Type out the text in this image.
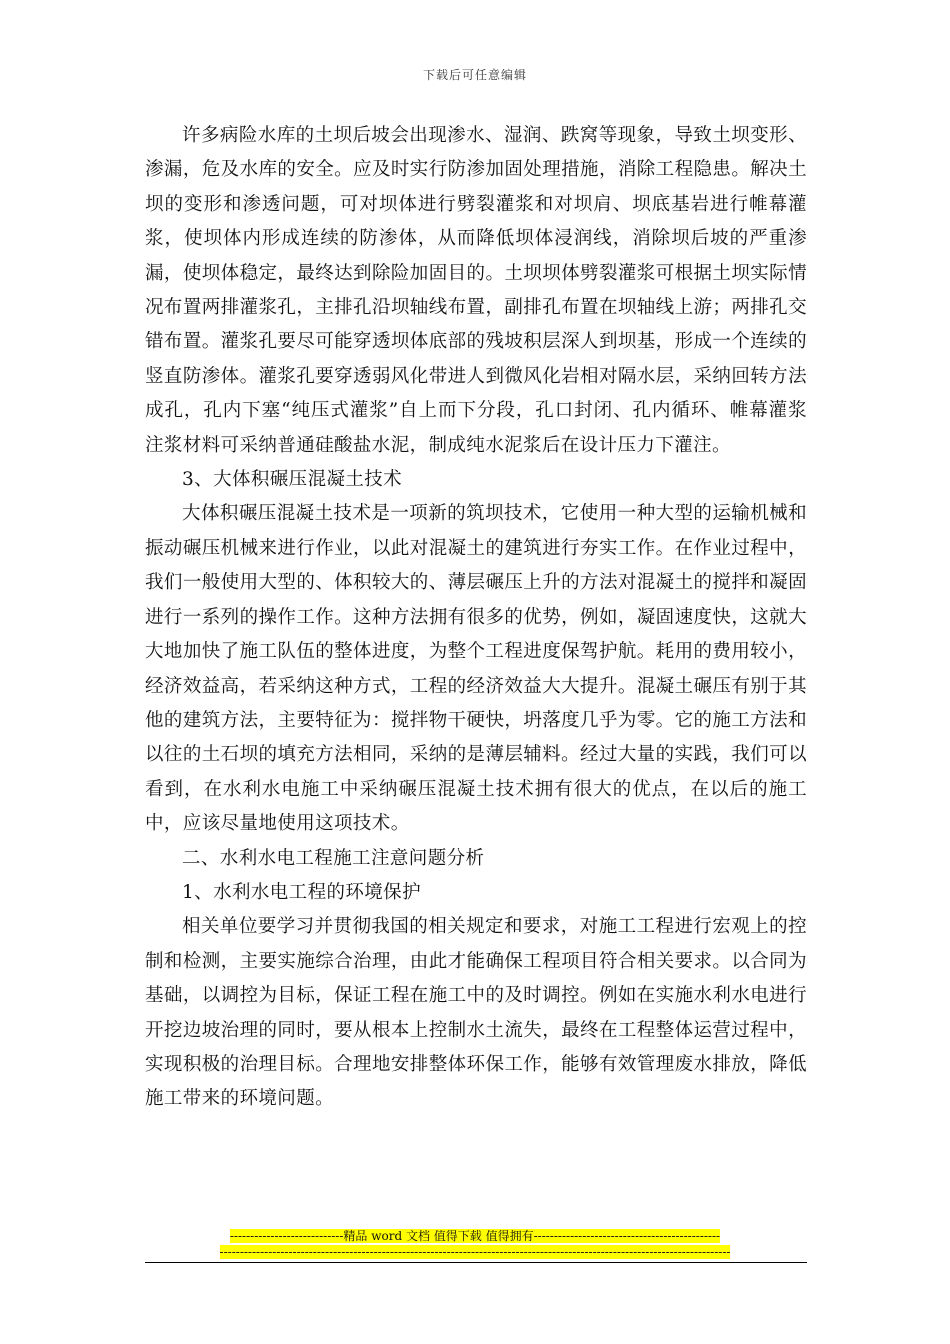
下载后可任意编辑

许多病险水库的土坝后坡会出现渗水、湿润、跌窝等现象，导致土坝变形、渗漏，危及水库的安全。应及时实行防渗加固处理措施，消除工程隐患。解决土坝的变形和渗透问题，可对坝体进行劈裂灌浆和对坝肩、坝底基岩进行帷幕灌浆，使坝体内形成连续的防渗体，从而降低坝体浸润线，消除坝后坡的严重渗漏，使坝体稳定，最终达到除险加固目的。土坝坝体劈裂灌浆可根据土坝实际情况布置两排灌浆孔，主排孔沿坝轴线布置，副排孔布置在坝轴线上游；两排孔交错布置。灌浆孔要尽可能穿透坝体底部的残坡积层深人到坝基，形成一个连续的竖直防渗体。灌浆孔要穿透弱风化带进人到微风化岩相对隔水层，采纳回转方法成孔，孔内下塞“纯压式灌浆”自上而下分段，孔口封闭、孔内循环、帷幕灌浆注浆材料可采纳普通硅酸盐水泥，制成纯水泥浆后在设计压力下灌注。

3、大体积碾压混凝土技术

大体积碾压混凝土技术是一项新的筑坝技术，它使用一种大型的运输机械和振动碾压机械来进行作业，以此对混凝土的建筑进行夯实工作。在作业过程中，我们一般使用大型的、体积较大的、薄层碾压上升的方法对混凝土的搅拌和凝固进行一系列的操作工作。这种方法拥有很多的优势，例如，凝固速度快，这就大大地加快了施工队伍的整体进度，为整个工程进度保驾护航。耗用的费用较小，经济效益高，若采纳这种方式，工程的经济效益大大提升。混凝土碾压有别于其他的建筑方法，主要特征为：搅拌物干硬快，坍落度几乎为零。它的施工方法和以往的土石坝的填充方法相同，采纳的是薄层辅料。经过大量的实践，我们可以看到，在水利水电施工中采纳碾压混凝土技术拥有很大的优点，在以后的施工中，应该尽量地使用这项技术。

二、水利水电工程施工注意问题分析

1、水利水电工程的环境保护

相关单位要学习并贯彻我国的相关规定和要求，对施工工程进行宏观上的控制和检测，主要实施综合治理，由此才能确保工程项目符合相关要求。以合同为基础，以调控为目标，保证工程在施工中的及时调控。例如在实施水利水电进行开挖边坡治理的同时，要从根本上控制水土流失，最终在工程整体运营过程中，实现积极的治理目标。合理地安排整体环保工作，能够有效管理废水排放，降低施工带来的环境问题。

----------------------------精品 word 文档 值得下载 值得拥有----------------------------------------------
------------------------------------------------------------------------------------------------------------------------------
